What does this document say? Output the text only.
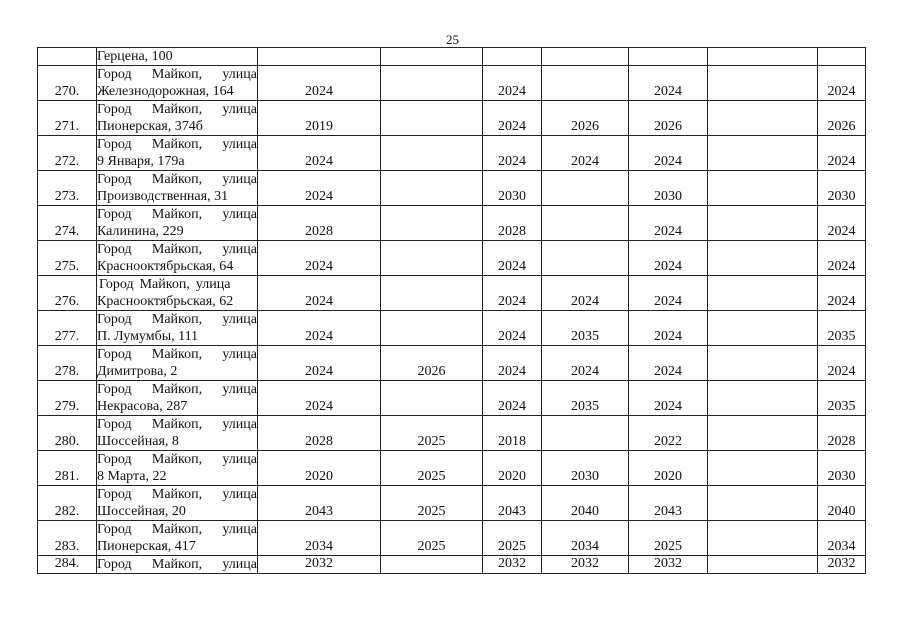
25
	Герцена, 100							
270.	Город Майкоп, улица
Железнодорожная, 164	2024		2024		2024		2024
271.	Город Майкоп, улица
Пионерская, 374б	2019		2024	2026	2026		2026
272.	Город Майкоп, улица
9 Января, 179а	2024		2024	2024	2024		2024
273.	Город Майкоп, улица
Производственная, 31	2024		2030		2030		2030
274.	Город Майкоп, улица
Калинина, 229	2028		2028		2024		2024
275.	Город Майкоп, улица
Краснооктябрьская, 64	2024		2024		2024		2024
276.	Город Майкоп, улица
Краснооктябрьская, 62	2024		2024	2024	2024		2024
277.	Город Майкоп, улица
П. Лумумбы, 111	2024		2024	2035	2024		2035
278.	Город Майкоп, улица
Димитрова, 2	2024	2026	2024	2024	2024		2024
279.	Город Майкоп, улица
Некрасова, 287	2024		2024	2035	2024		2035
280.	Город Майкоп, улица
Шоссейная, 8	2028	2025	2018		2022		2028
281.	Город Майкоп, улица
8 Марта, 22	2020	2025	2020	2030	2020		2030
282.	Город Майкоп, улица
Шоссейная, 20	2043	2025	2043	2040	2043		2040
283.	Город Майкоп, улица
Пионерская, 417	2034	2025	2025	2034	2025		2034
284.	Город Майкоп, улица	2032		2032	2032	2032		2032
